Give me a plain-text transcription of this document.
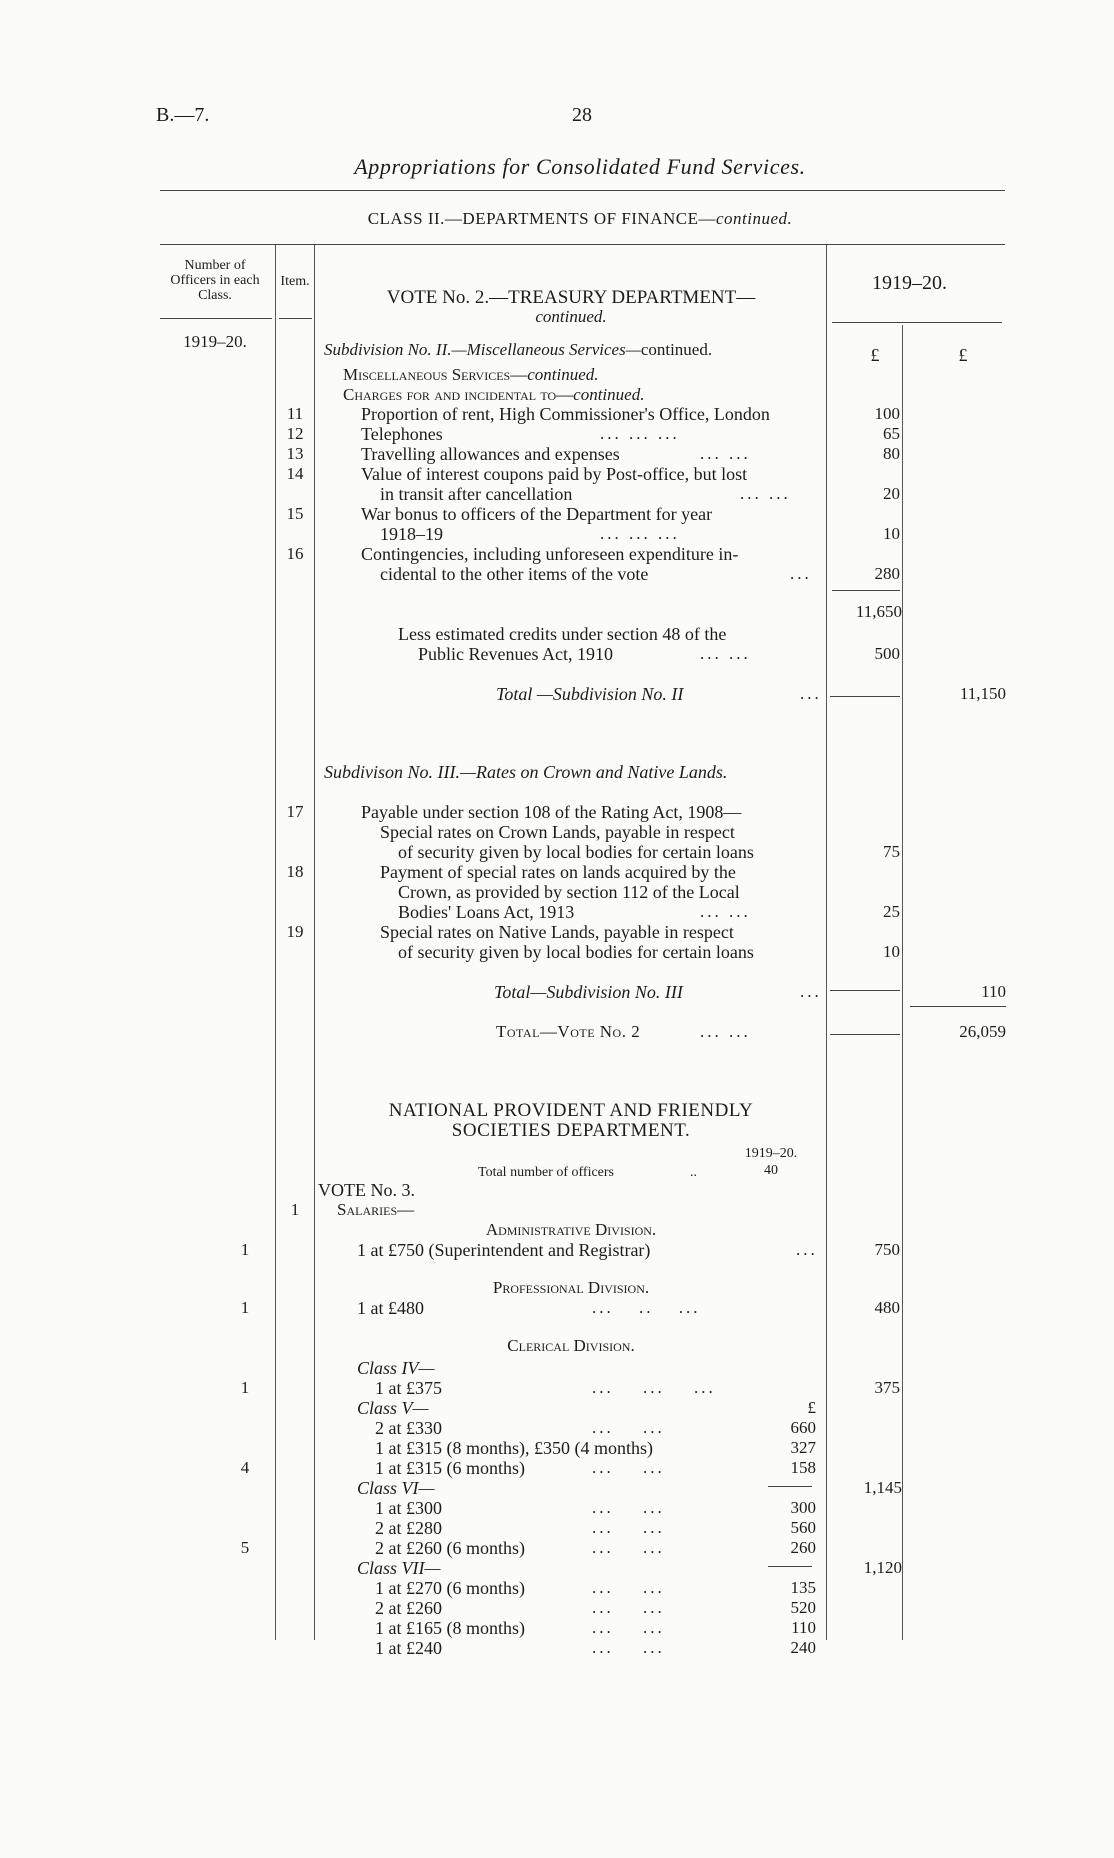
B.—7.	28
Appropriations for Consolidated Fund Services.
CLASS II.—DEPARTMENTS OF FINANCE—continued.
Number of Officers in each Class.
Item.	1919–20.
1919–20.
VOTE No. 2.—TREASURY DEPARTMENT—
continued.
Subdivision No. II.—Miscellaneous Services—continued.	£	£
Miscellaneous Services—continued.
Charges for and incidental to—continued.
11	Proportion of rent, High Commissioner's Office, London	100
12	Telephones	... ... ...	65
13	Travelling allowances and expenses	... ...	80
14	Value of interest coupons paid by Post-office, but lost
in transit after cancellation	... ...	20
15	War bonus to officers of the Department for year
1918–19	... ... ...	10
16	Contingencies, including unforeseen expenditure in-
cidental to the other items of the vote	...	280
11,650
Less estimated credits under section 48 of the
Public Revenues Act, 1910	... ...	500
Total —Subdivision No. II	...	11,150
Subdivison No. III.—Rates on Crown and Native Lands.
17	Payable under section 108 of the Rating Act, 1908—
Special rates on Crown Lands, payable in respect
of security given by local bodies for certain loans	75
18	Payment of special rates on lands acquired by the
Crown, as provided by section 112 of the Local
Bodies' Loans Act, 1913	... ...	25
19	Special rates on Native Lands, payable in respect
of security given by local bodies for certain loans	10
Total—Subdivision No. III	...	110
Total—Vote No. 2	... ...	26,059
NATIONAL PROVIDENT AND FRIENDLY
SOCIETIES DEPARTMENT.
1919–20.
Total number of officers	..	40
VOTE No. 3.
1	Salaries—
Administrative Division.
1	1 at £750 (Superintendent and Registrar)	...	750
Professional Division.
1	1 at £480	... .. ...	480
Clerical Division.
Class IV—
1	1 at £375	... ... ...	375
Class V—	£
2 at £330	... ...	660
1 at £315 (8 months), £350 (4 months)	327
4	1 at £315 (6 months)	... ...	158
Class VI—	1,145
1 at £300	... ...	300
2 at £280	... ...	560
5	2 at £260 (6 months)	... ...	260
Class VII—	1,120
1 at £270 (6 months)	... ...	135
2 at £260	... ...	520
1 at £165 (8 months)	... ...	110
1 at £240	... ...	240
